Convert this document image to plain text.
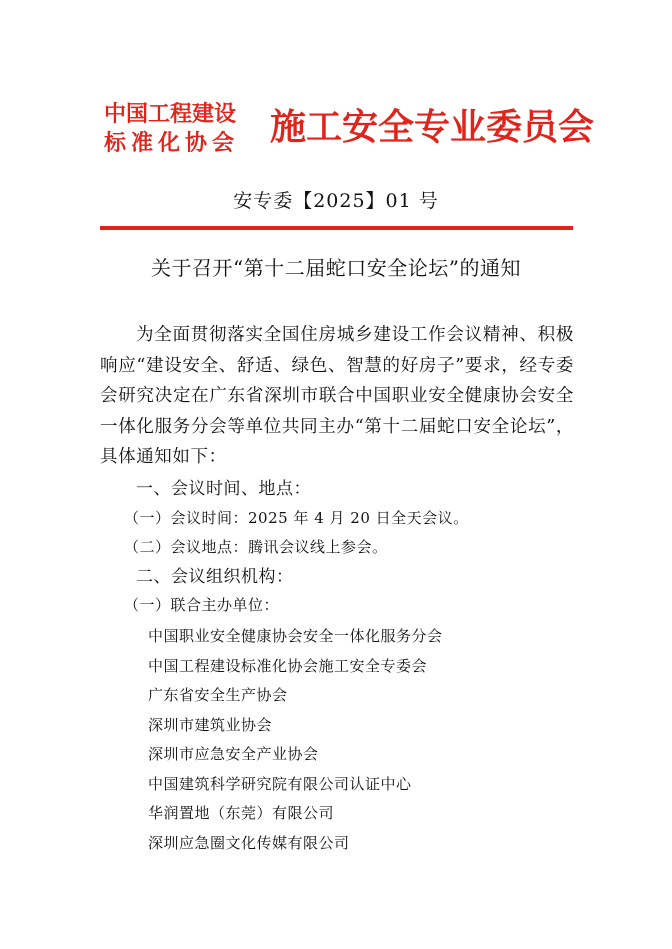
中国工程建设
标准化协会 施工安全专业委员会
安专委【2025】01 号
关于召开“第十二届蛇口安全论坛”的通知
为全面贯彻落实全国住房城乡建设工作会议精神、积极响应“建设安全、舒适、绿色、智慧的好房子”要求，经专委会研究决定在广东省深圳市联合中国职业安全健康协会安全一体化服务分会等单位共同主办“第十二届蛇口安全论坛”，具体通知如下：
一、会议时间、地点：
（一）会议时间：2025 年 4 月 20 日全天会议。
（二）会议地点：腾讯会议线上参会。
二、会议组织机构：
（一）联合主办单位：
中国职业安全健康协会安全一体化服务分会
中国工程建设标准化协会施工安全专委会
广东省安全生产协会
深圳市建筑业协会
深圳市应急安全产业协会
中国建筑科学研究院有限公司认证中心
华润置地（东莞）有限公司
深圳应急圈文化传媒有限公司
